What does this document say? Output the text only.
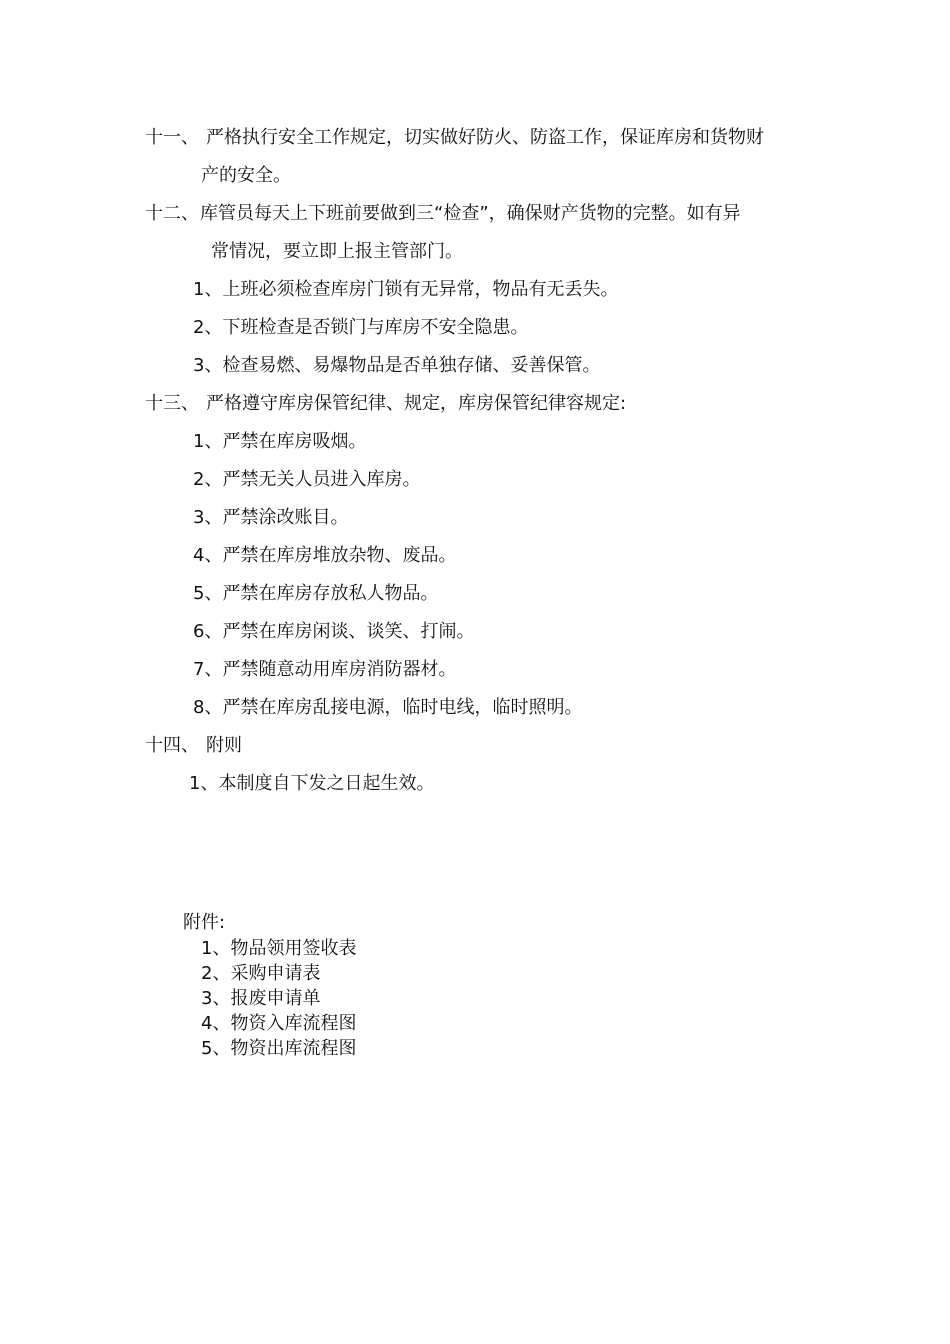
十一、 严格执行安全工作规定，切实做好防火、防盗工作，保证库房和货物财
产的安全。
十二、库管员每天上下班前要做到三“检查”，确保财产货物的完整。如有异
常情况，要立即上报主管部门。
1、上班必须检查库房门锁有无异常，物品有无丢失。
2、下班检查是否锁门与库房不安全隐患。
3、检查易燃、易爆物品是否单独存储、妥善保管。
十三、 严格遵守库房保管纪律、规定，库房保管纪律容规定:
1、严禁在库房吸烟。
2、严禁无关人员进入库房。
3、严禁涂改账目。
4、严禁在库房堆放杂物、废品。
5、严禁在库房存放私人物品。
6、严禁在库房闲谈、谈笑、打闹。
7、严禁随意动用库房消防器材。
8、严禁在库房乱接电源，临时电线，临时照明。
十四、 附则
1、本制度自下发之日起生效。
附件:
1、物品领用签收表
2、采购申请表
3、报废申请单
4、物资入库流程图
5、物资出库流程图
